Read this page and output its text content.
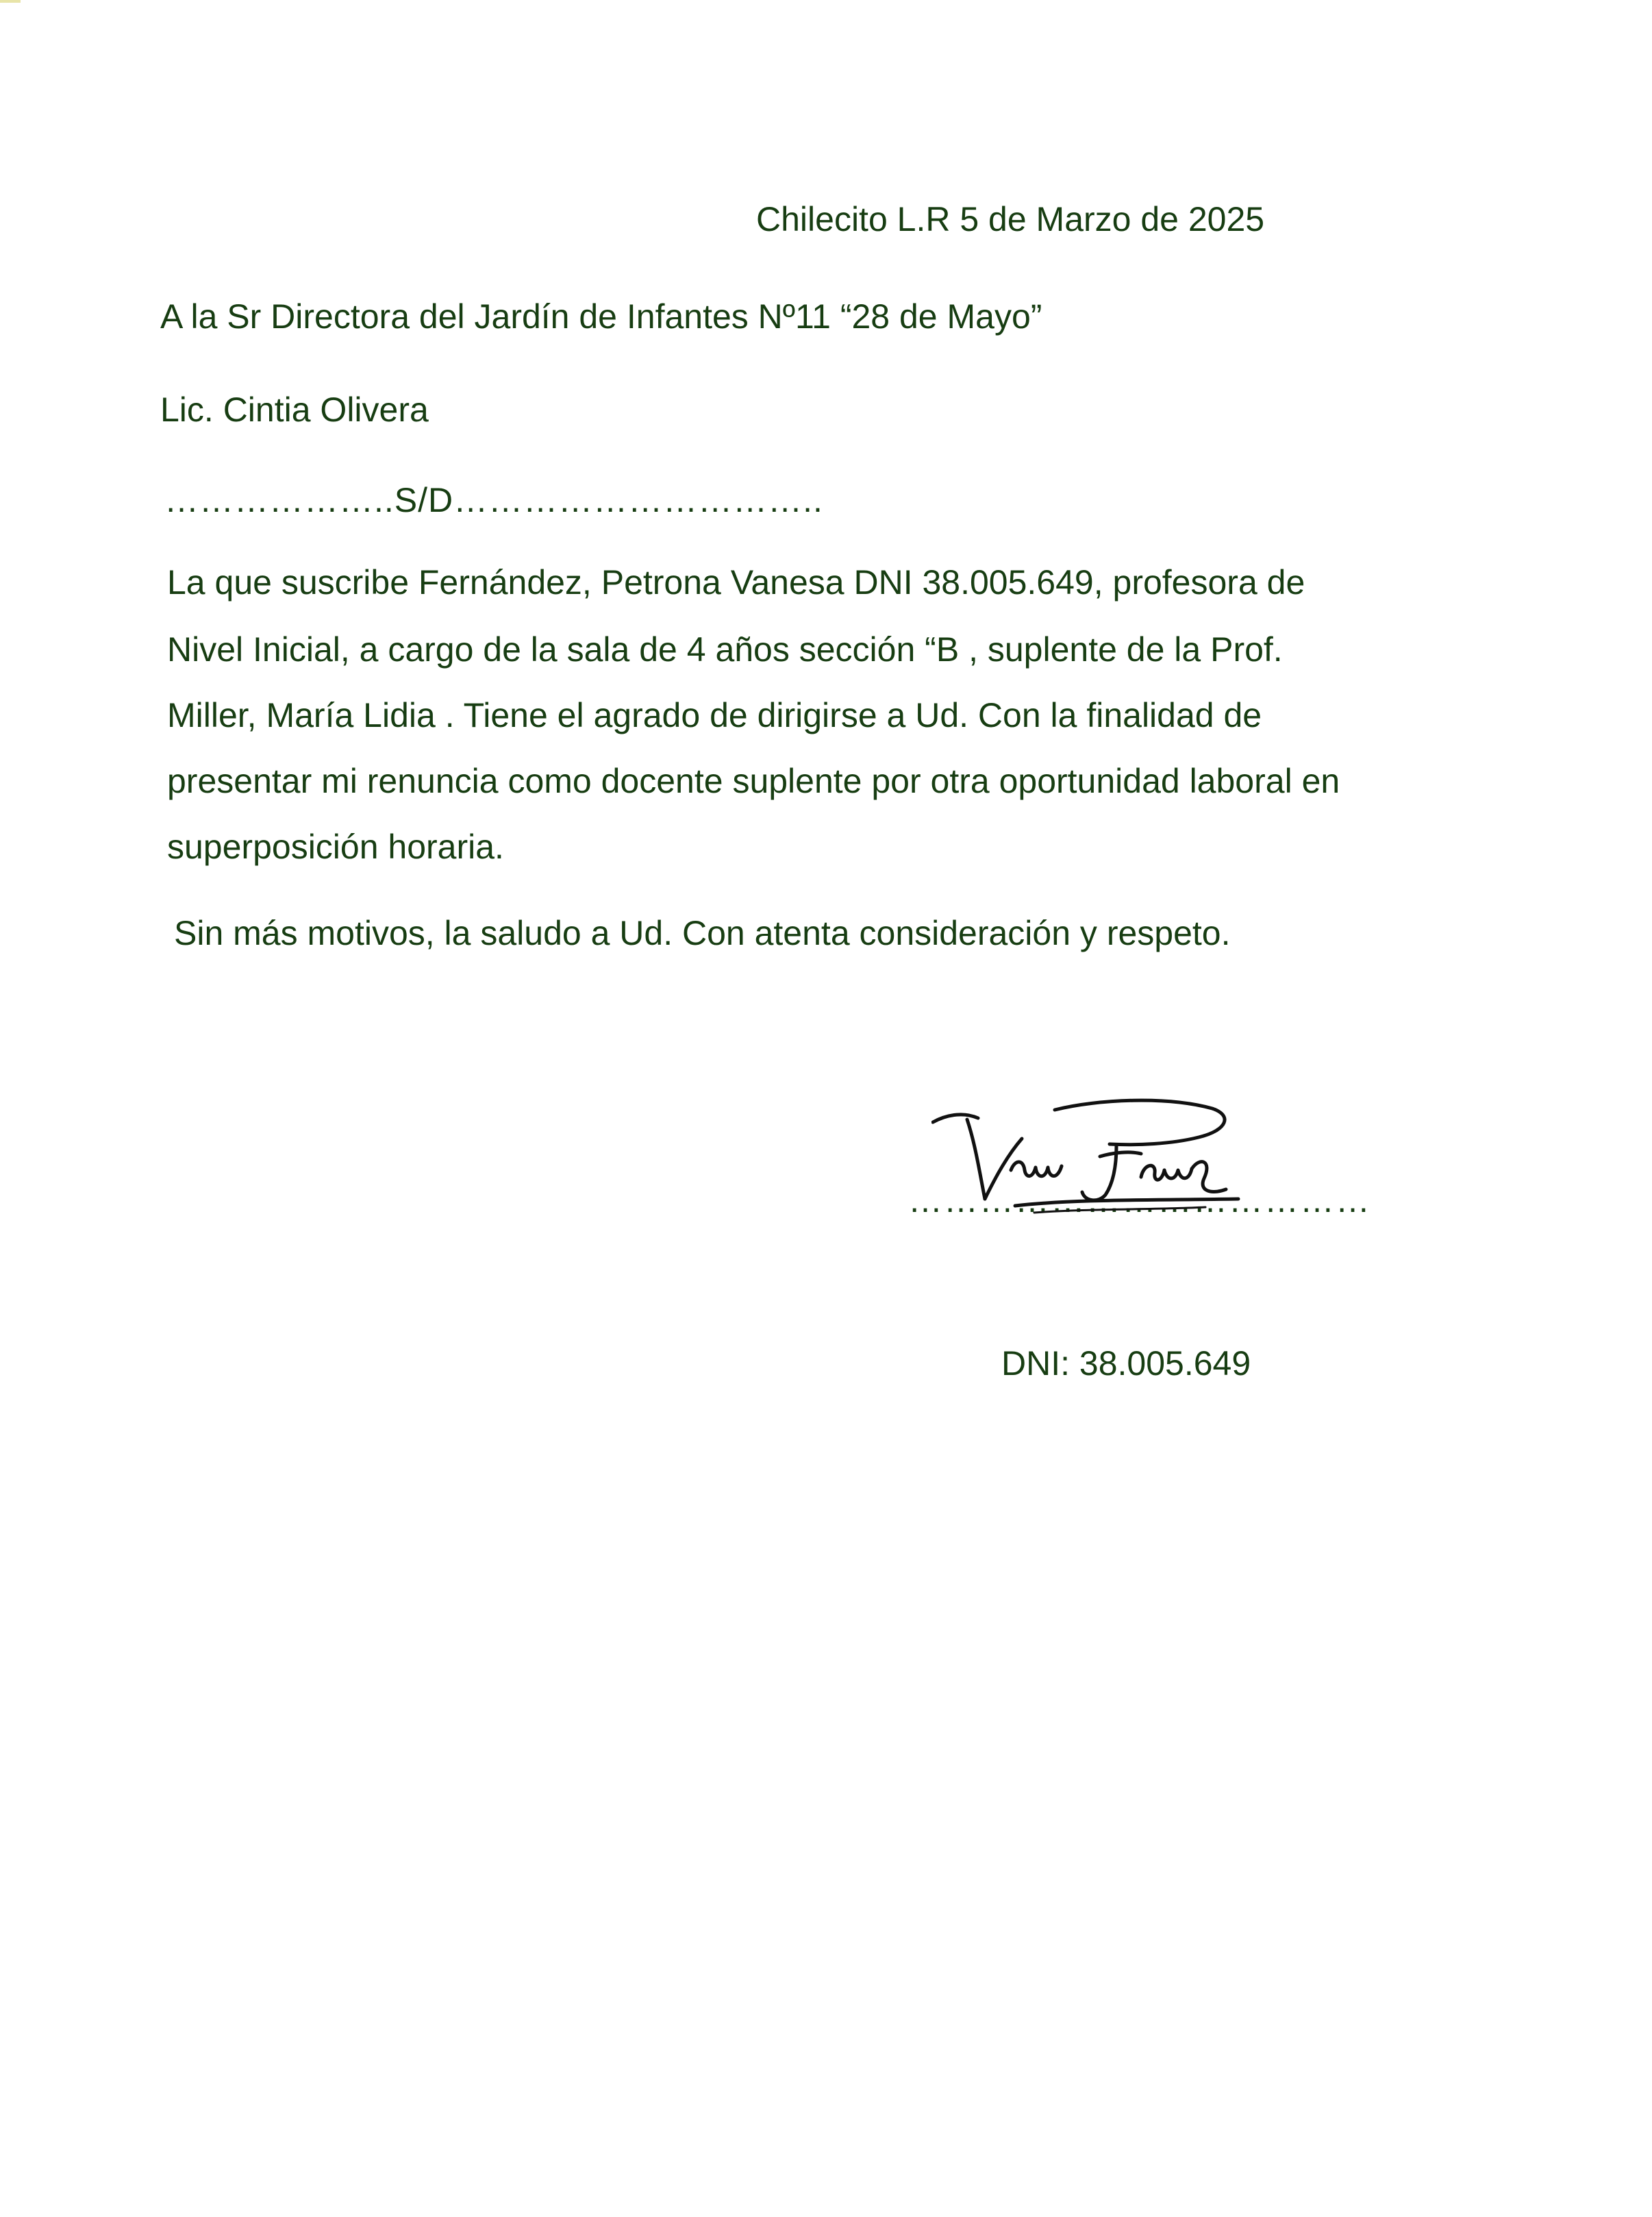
Chilecito L.R 5 de Marzo de 2025
A la Sr Directora del Jardín de Infantes Nº11 “28 de Mayo”
Lic. Cintia Olivera
………………..S/D…………………………..
La que suscribe Fernández, Petrona Vanesa DNI 38.005.649, profesora de
Nivel Inicial, a cargo de la sala de 4 años sección “B , suplente de la Prof.
Miller, María Lidia . Tiene el agrado de dirigirse a Ud. Con la finalidad de
presentar mi renuncia como docente suplente por otra oportunidad laboral en
superposición horaria.
Sin más motivos, la saludo a Ud. Con atenta consideración y respeto.
…………………………………
DNI: 38.005.649
